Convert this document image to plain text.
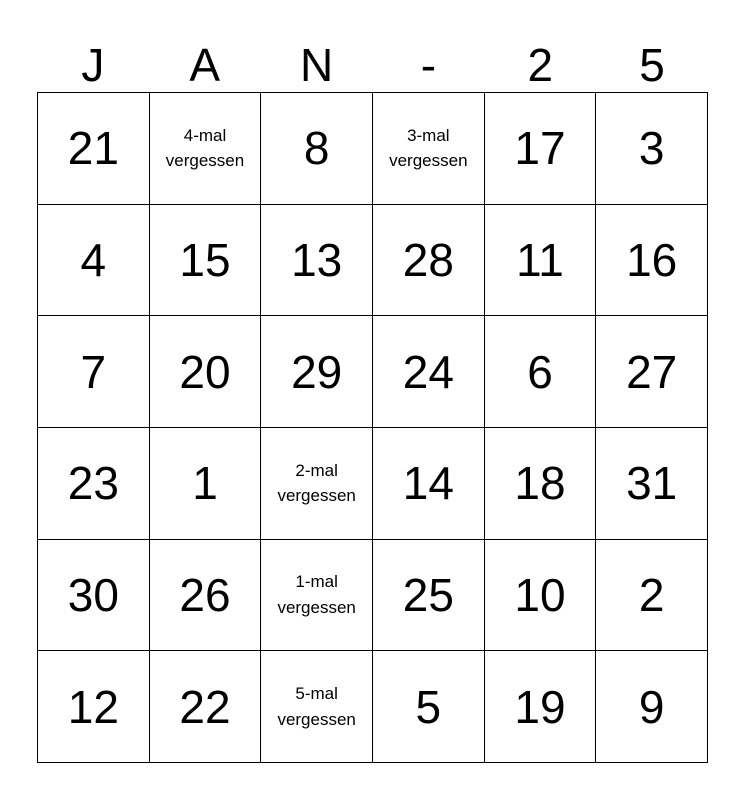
J	A	N	-	2	5
21	4-mal vergessen	8	3-mal vergessen	17	3
4	15	13	28	11	16
7	20	29	24	6	27
23	1	2-mal vergessen	14	18	31
30	26	1-mal vergessen	25	10	2
12	22	5-mal vergessen	5	19	9
